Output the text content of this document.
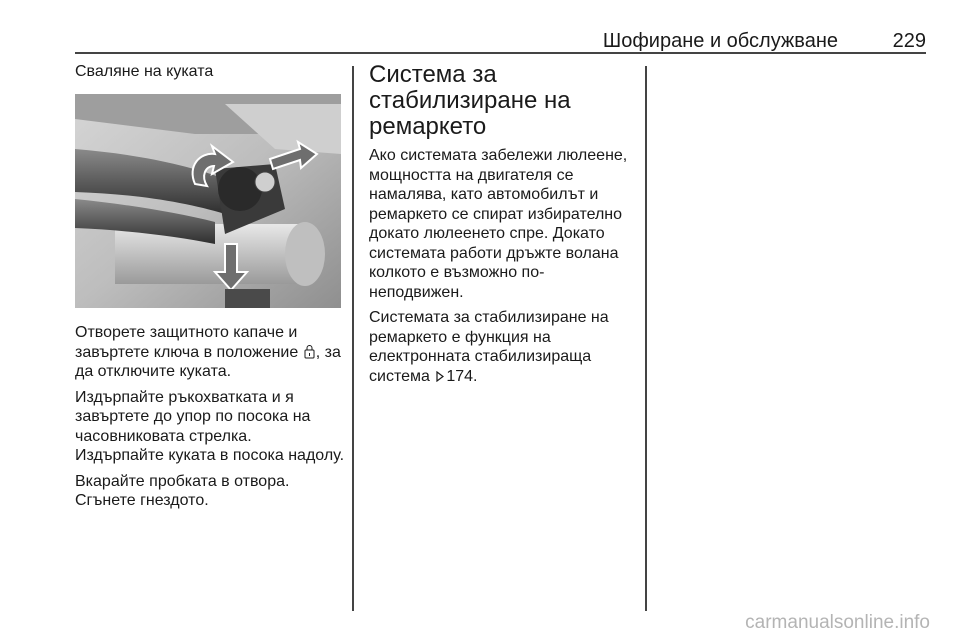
Шофиране и обслужване	229
Сваляне на куката

Отворете защитното капаче и завъртете ключа в положение , за да отключите куката.

Издърпайте ръкохватката и я завъртете до упор по посока на часовниковата стрелка.

Издърпайте куката в посока надолу.

Вкарайте пробката в отвора.

Сгънете гнездото.

Система за стабилизиране на ремаркето

Ако системата забележи люлеене, мощността на двигателя се намалява, като автомобилът и ремаркето се спират избирателно докато люлеенето спре. Докато системата работи дръжте волана колкото е възможно по-неподвижен.

Системата за стабилизиране на ремаркето е функция на електронната стабилизираща система 174.

carmanualsonline.info
